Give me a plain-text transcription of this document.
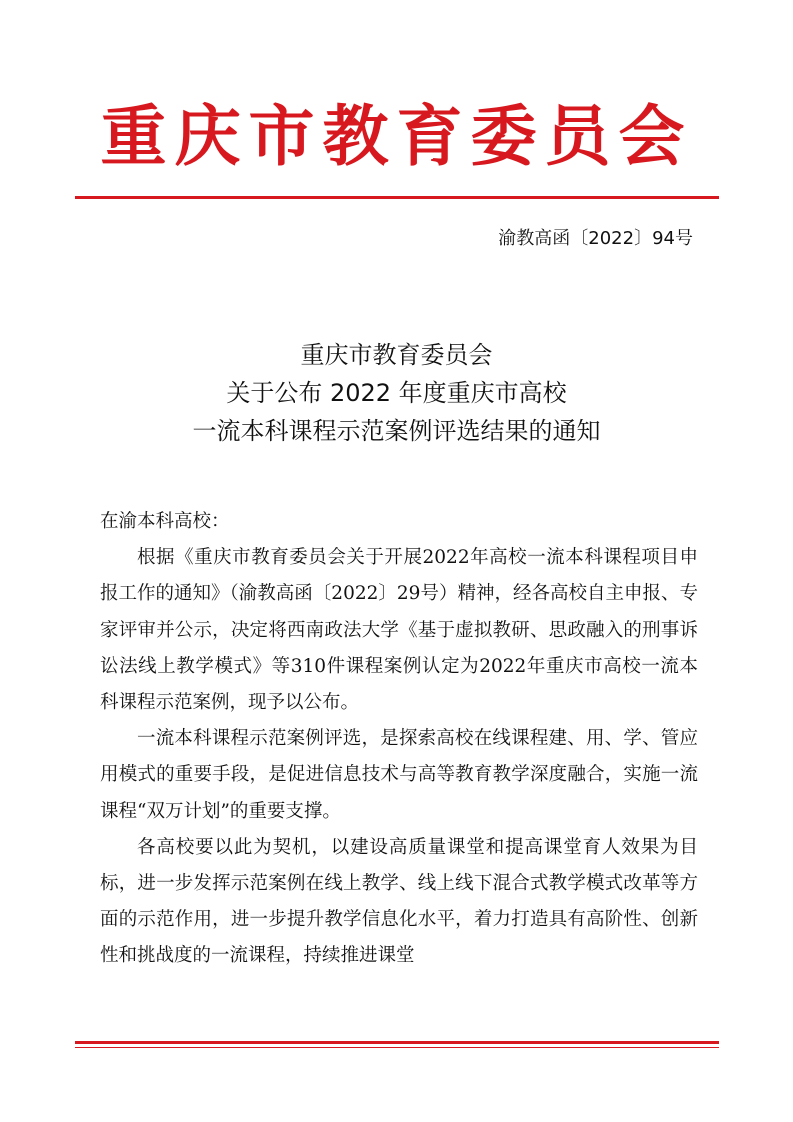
重庆市教育委员会
渝教高函〔2022〕94号
重庆市教育委员会
关于公布 2022 年度重庆市高校
一流本科课程示范案例评选结果的通知

在渝本科高校：

根据《重庆市教育委员会关于开展2022年高校一流本科课程项目申报工作的通知》（渝教高函〔2022〕29号）精神，经各高校自主申报、专家评审并公示，决定将西南政法大学《基于虚拟教研、思政融入的刑事诉讼法线上教学模式》等310件课程案例认定为2022年重庆市高校一流本科课程示范案例，现予以公布。

一流本科课程示范案例评选，是探索高校在线课程建、用、学、管应用模式的重要手段，是促进信息技术与高等教育教学深度融合，实施一流课程“双万计划”的重要支撑。

各高校要以此为契机，以建设高质量课堂和提高课堂育人效果为目标，进一步发挥示范案例在线上教学、线上线下混合式教学模式改革等方面的示范作用，进一步提升教学信息化水平，着力打造具有高阶性、创新性和挑战度的一流课程，持续推进课堂
